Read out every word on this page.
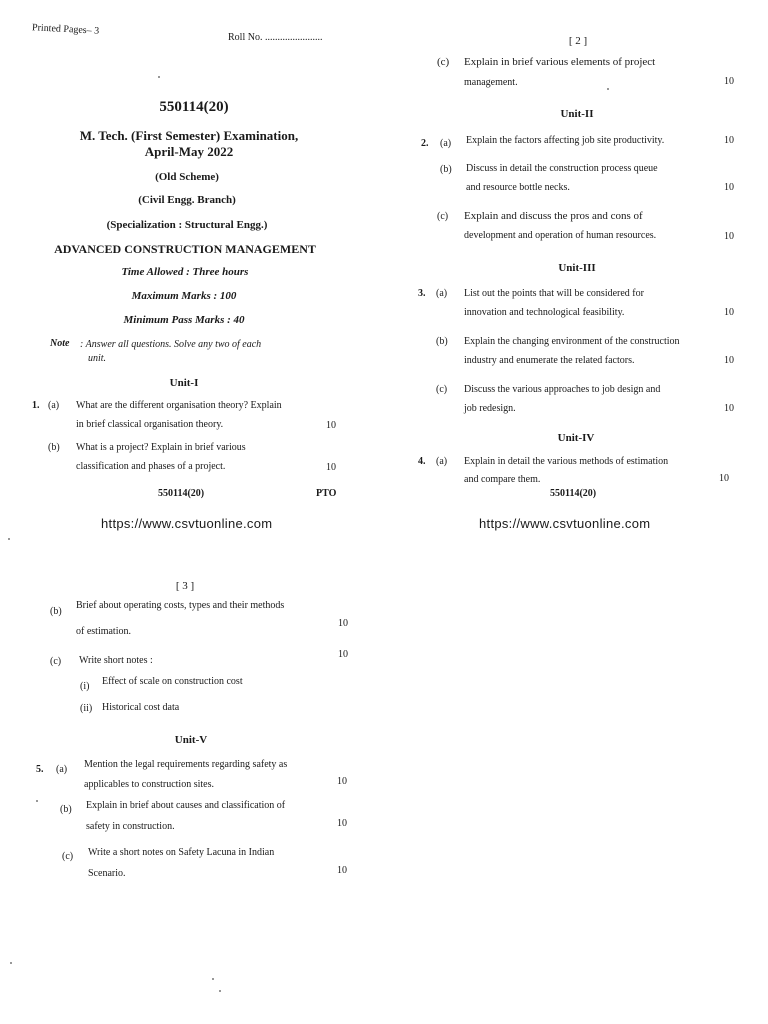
Printed Pages– 3
Roll No. .......................
550114(20)
M. Tech. (First Semester) Examination,
April-May 2022
(Old Scheme)
(Civil Engg. Branch)
(Specialization : Structural Engg.)
ADVANCED CONSTRUCTION MANAGEMENT
Time Allowed : Three hours
Maximum Marks : 100
Minimum Pass Marks : 40
Note : Answer all questions. Solve any two of each
unit.
Unit-I
1. (a) What are the different organisation theory? Explain
in brief classical organisation theory.	10
(b) What is a project? Explain in brief various
classification and phases of a project.	10
550114(20)	PTO
[ 2 ]
(c) Explain in brief various elements of project
management.	10
Unit-II
2. (a) Explain the factors affecting job site productivity.	10
(b) Discuss in detail the construction process queue
and resource bottle necks.	10
(c) Explain and discuss the pros and cons of
development and operation of human resources.	10
Unit-III
3. (a) List out the points that will be considered for
innovation and technological feasibility.	10
(b) Explain the changing environment of the construction
industry and enumerate the related factors.	10
(c) Discuss the various approaches to job design and
job redesign.	10
Unit-IV
4. (a) Explain in detail the various methods of estimation
and compare them.	10
550114(20)
https://www.csvtuonline.com	https://www.csvtuonline.com
[ 3 ]
(b)
Brief about operating costs, types and their methods
of estimation.
10
(c) Write short notes :
10
(i) Effect of scale on construction cost
(ii) Historical cost data
Unit-V
5. (a) Mention the legal requirements regarding safety as
applicables to construction sites.	10
(b) Explain in brief about causes and classification of
safety in construction.	10
(c) Write a short notes on Safety Lacuna in Indian
Scenario.	10
